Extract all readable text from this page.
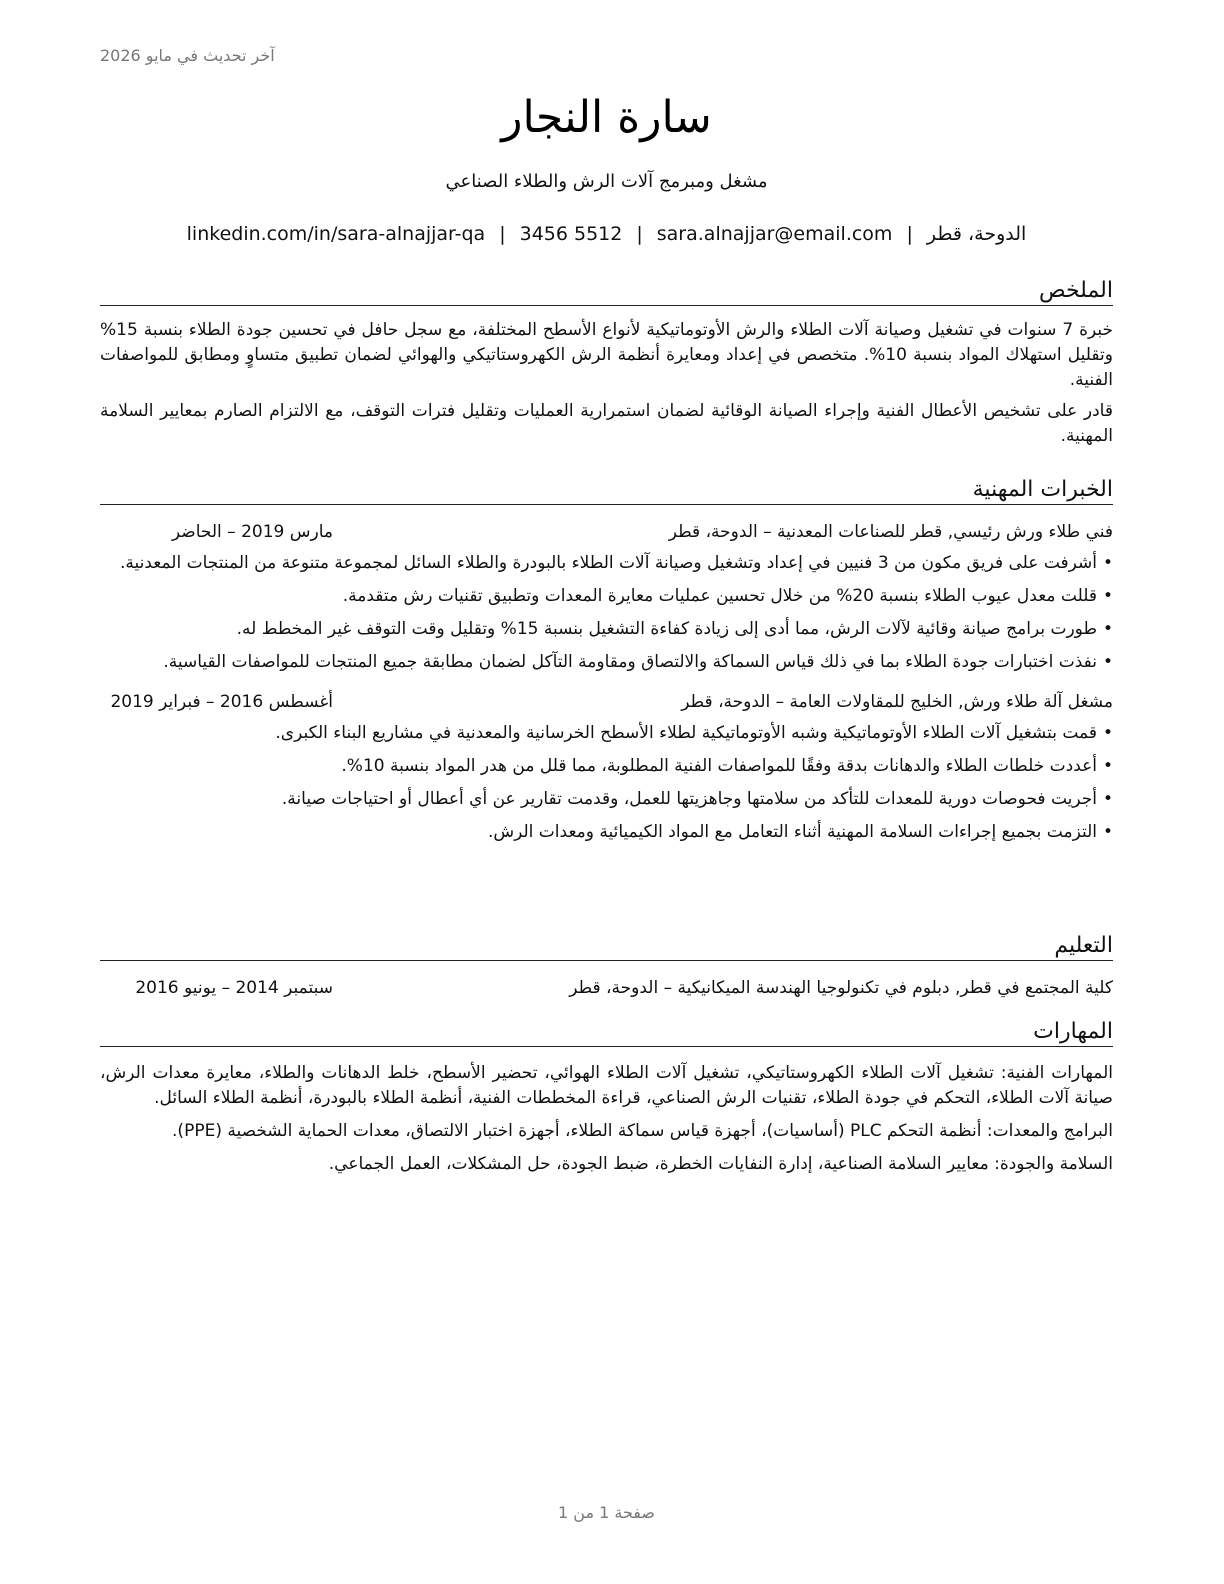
آخر تحديث في مايو 2026
سارة النجار
مشغل ومبرمج آلات الرش والطلاء الصناعي
الدوحة، قطر|sara.alnajjar@email.com|3456 5512|linkedin.com/in/sara-alnajjar-qa
الملخص

خبرة 7 سنوات في تشغيل وصيانة آلات الطلاء والرش الأوتوماتيكية لأنواع الأسطح المختلفة، مع سجل حافل في تحسين جودة الطلاء بنسبة 15% وتقليل استهلاك المواد بنسبة 10%. متخصص في إعداد ومعايرة أنظمة الرش الكهروستاتيكي والهوائي لضمان تطبيق متساوٍ ومطابق للمواصفات الفنية.

قادر على تشخيص الأعطال الفنية وإجراء الصيانة الوقائية لضمان استمرارية العمليات وتقليل فترات التوقف، مع الالتزام الصارم بمعايير السلامة المهنية.

الخبرات المهنية
فني طلاء ورش رئيسي, قطر للصناعات المعدنية – الدوحة، قطر
مارس 2019 – الحاضر
• أشرفت على فريق مكون من 3 فنيين في إعداد وتشغيل وصيانة آلات الطلاء بالبودرة والطلاء السائل لمجموعة متنوعة من المنتجات المعدنية.
• قللت معدل عيوب الطلاء بنسبة 20% من خلال تحسين عمليات معايرة المعدات وتطبيق تقنيات رش متقدمة.
• طورت برامج صيانة وقائية لآلات الرش، مما أدى إلى زيادة كفاءة التشغيل بنسبة 15% وتقليل وقت التوقف غير المخطط له.
• نفذت اختبارات جودة الطلاء بما في ذلك قياس السماكة والالتصاق ومقاومة التآكل لضمان مطابقة جميع المنتجات للمواصفات القياسية.
مشغل آلة طلاء ورش, الخليج للمقاولات العامة – الدوحة، قطر
أغسطس 2016 – فبراير 2019
• قمت بتشغيل آلات الطلاء الأوتوماتيكية وشبه الأوتوماتيكية لطلاء الأسطح الخرسانية والمعدنية في مشاريع البناء الكبرى.
• أعددت خلطات الطلاء والدهانات بدقة وفقًا للمواصفات الفنية المطلوبة، مما قلل من هدر المواد بنسبة 10%.
• أجريت فحوصات دورية للمعدات للتأكد من سلامتها وجاهزيتها للعمل، وقدمت تقارير عن أي أعطال أو احتياجات صيانة.
• التزمت بجميع إجراءات السلامة المهنية أثناء التعامل مع المواد الكيميائية ومعدات الرش.
التعليم
كلية المجتمع في قطر, دبلوم في تكنولوجيا الهندسة الميكانيكية – الدوحة، قطر
سبتمبر 2014 – يونيو 2016
المهارات

المهارات الفنية: تشغيل آلات الطلاء الكهروستاتيكي، تشغيل آلات الطلاء الهوائي، تحضير الأسطح، خلط الدهانات والطلاء، معايرة معدات الرش، صيانة آلات الطلاء، التحكم في جودة الطلاء، تقنيات الرش الصناعي، قراءة المخططات الفنية، أنظمة الطلاء بالبودرة، أنظمة الطلاء السائل.

البرامج والمعدات: أنظمة التحكم PLC (أساسيات)، أجهزة قياس سماكة الطلاء، أجهزة اختبار الالتصاق، معدات الحماية الشخصية (PPE).

السلامة والجودة: معايير السلامة الصناعية، إدارة النفايات الخطرة، ضبط الجودة، حل المشكلات، العمل الجماعي.

صفحة 1 من 1
